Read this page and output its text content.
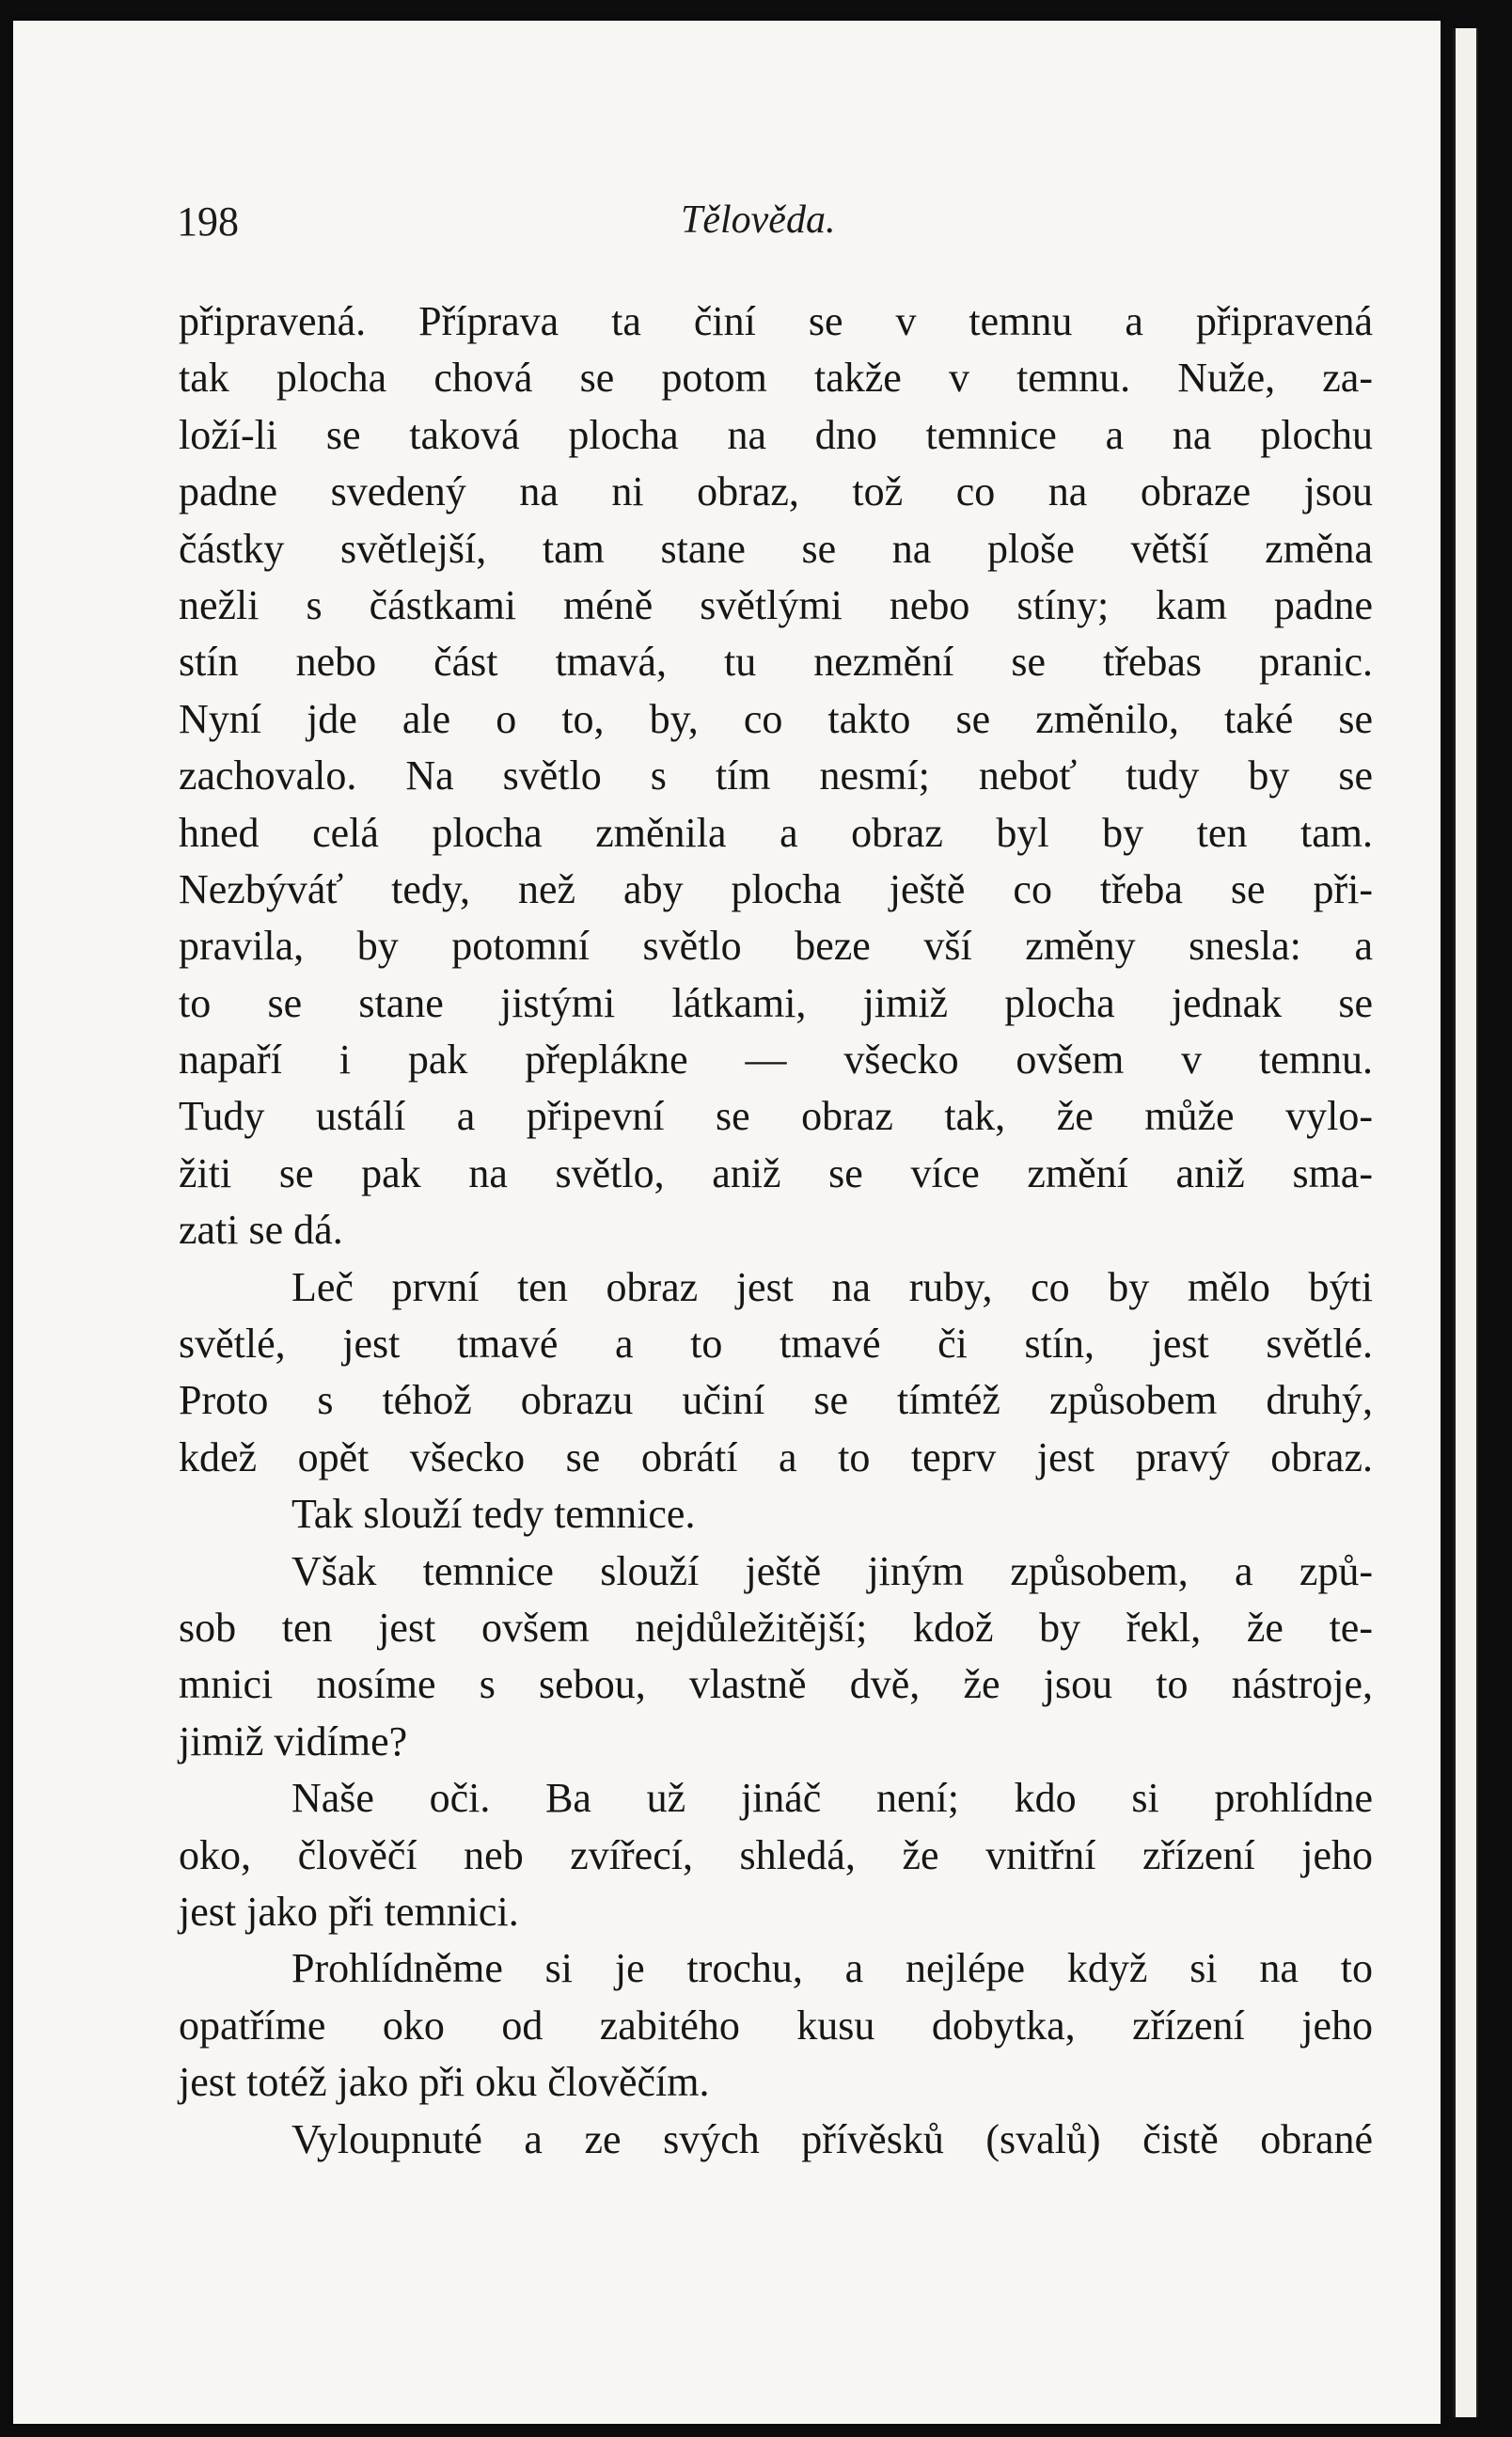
198	Tělověda.
připravená. Příprava ta činí se v temnu a připravená
tak plocha chová se potom takže v temnu. Nuže, za-
loží-li se taková plocha na dno temnice a na plochu
padne svedený na ni obraz, tož co na obraze jsou
částky světlejší, tam stane se na ploše větší změna
nežli s částkami méně světlými nebo stíny; kam padne
stín nebo část tmavá, tu nezmění se třebas pranic.
Nyní jde ale o to, by, co takto se změnilo, také se
zachovalo. Na světlo s tím nesmí; neboť tudy by se
hned celá plocha změnila a obraz byl by ten tam.
Nezbýváť tedy, než aby plocha ještě co třeba se při-
pravila, by potomní světlo beze vší změny snesla: a
to se stane jistými látkami, jimiž plocha jednak se
napaří i pak přeplákne — všecko ovšem v temnu.
Tudy ustálí a připevní se obraz tak, že může vylo-
žiti se pak na světlo, aniž se více změní aniž sma-
zati se dá.
Leč první ten obraz jest na ruby, co by mělo býti
světlé, jest tmavé a to tmavé či stín, jest světlé.
Proto s téhož obrazu učiní se tímtéž způsobem druhý,
kdež opět všecko se obrátí a to teprv jest pravý obraz.
Tak slouží tedy temnice.
Však temnice slouží ještě jiným způsobem, a způ-
sob ten jest ovšem nejdůležitější; kdož by řekl, že te-
mnici nosíme s sebou, vlastně dvě, že jsou to nástroje,
jimiž vidíme?
Naše oči. Ba už jináč není; kdo si prohlídne
oko, člověčí neb zvířecí, shledá, že vnitřní zřízení jeho
jest jako při temnici.
Prohlídněme si je trochu, a nejlépe když si na to
opatříme oko od zabitého kusu dobytka, zřízení jeho
jest totéž jako při oku člověčím.
Vyloupnuté a ze svých přívěsků (svalů) čistě obrané
